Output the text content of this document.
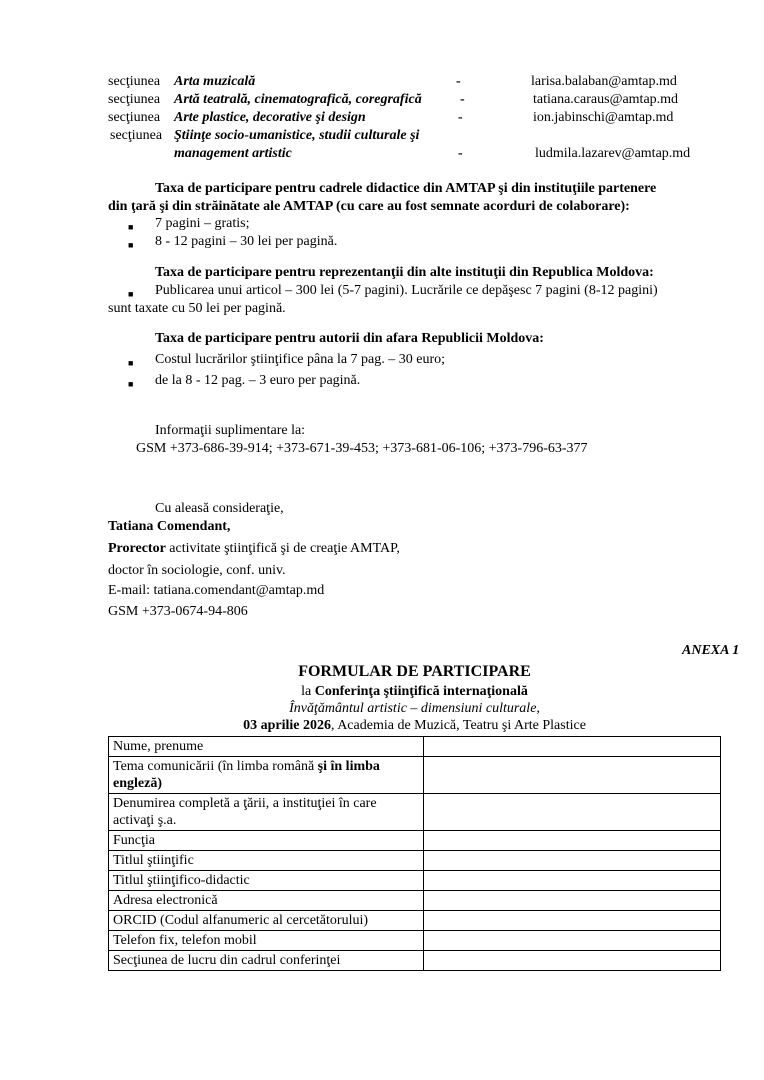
secţiunea Arta muzicală	-	larisa.balaban@amtap.md
secţiunea Artă teatrală, cinematografică, coregrafică	-	tatiana.caraus@amtap.md
secţiunea Arte plastice, decorative şi design	-	ion.jabinschi@amtap.md
secţiunea Ştiinţe socio-umanistice, studii culturale şi
management artistic	-	ludmila.lazarev@amtap.md
Taxa de participare pentru cadrele didactice din AMTAP şi din instituţiile partenere
din ţară şi din străinătate ale AMTAP (cu care au fost semnate acorduri de colaborare):
■ 7 pagini – gratis;
■ 8 - 12 pagini – 30 lei per pagină.
Taxa de participare pentru reprezentanţii din alte instituţii din Republica Moldova:
■ Publicarea unui articol – 300 lei (5-7 pagini). Lucrările ce depăşesc 7 pagini (8-12 pagini)
sunt taxate cu 50 lei per pagină.
Taxa de participare pentru autorii din afara Republicii Moldova:
■ Costul lucrărilor ştiinţifice pâna la 7 pag. – 30 euro;
■ de la 8 - 12 pag. – 3 euro per pagină.
Informaţii suplimentare la:
GSM +373-686-39-914; +373-671-39-453; +373-681-06-106; +373-796-63-377
Cu aleasă consideraţie,
Tatiana Comendant,
Prorector activitate ştiinţifică şi de creaţie AMTAP,
doctor în sociologie, conf. univ.
E-mail: tatiana.comendant@amtap.md
GSM +373-0674-94-806
ANEXA 1
FORMULAR DE PARTICIPARE
la Conferinţa ştiinţifică internaţională
Învăţământul artistic – dimensiuni culturale,
03 aprilie 2026, Academia de Muzică, Teatru şi Arte Plastice
Nume, prenume	
Tema comunicării (în limba română şi în limba engleză)	
Denumirea completă a ţării, a instituţiei în care activaţi ş.a.	
Funcţia	
Titlul ştiinţific	
Titlul ştiinţifico-didactic	
Adresa electronică	
ORCID (Codul alfanumeric al cercetătorului)	
Telefon fix, telefon mobil	
Secţiunea de lucru din cadrul conferinţei	
